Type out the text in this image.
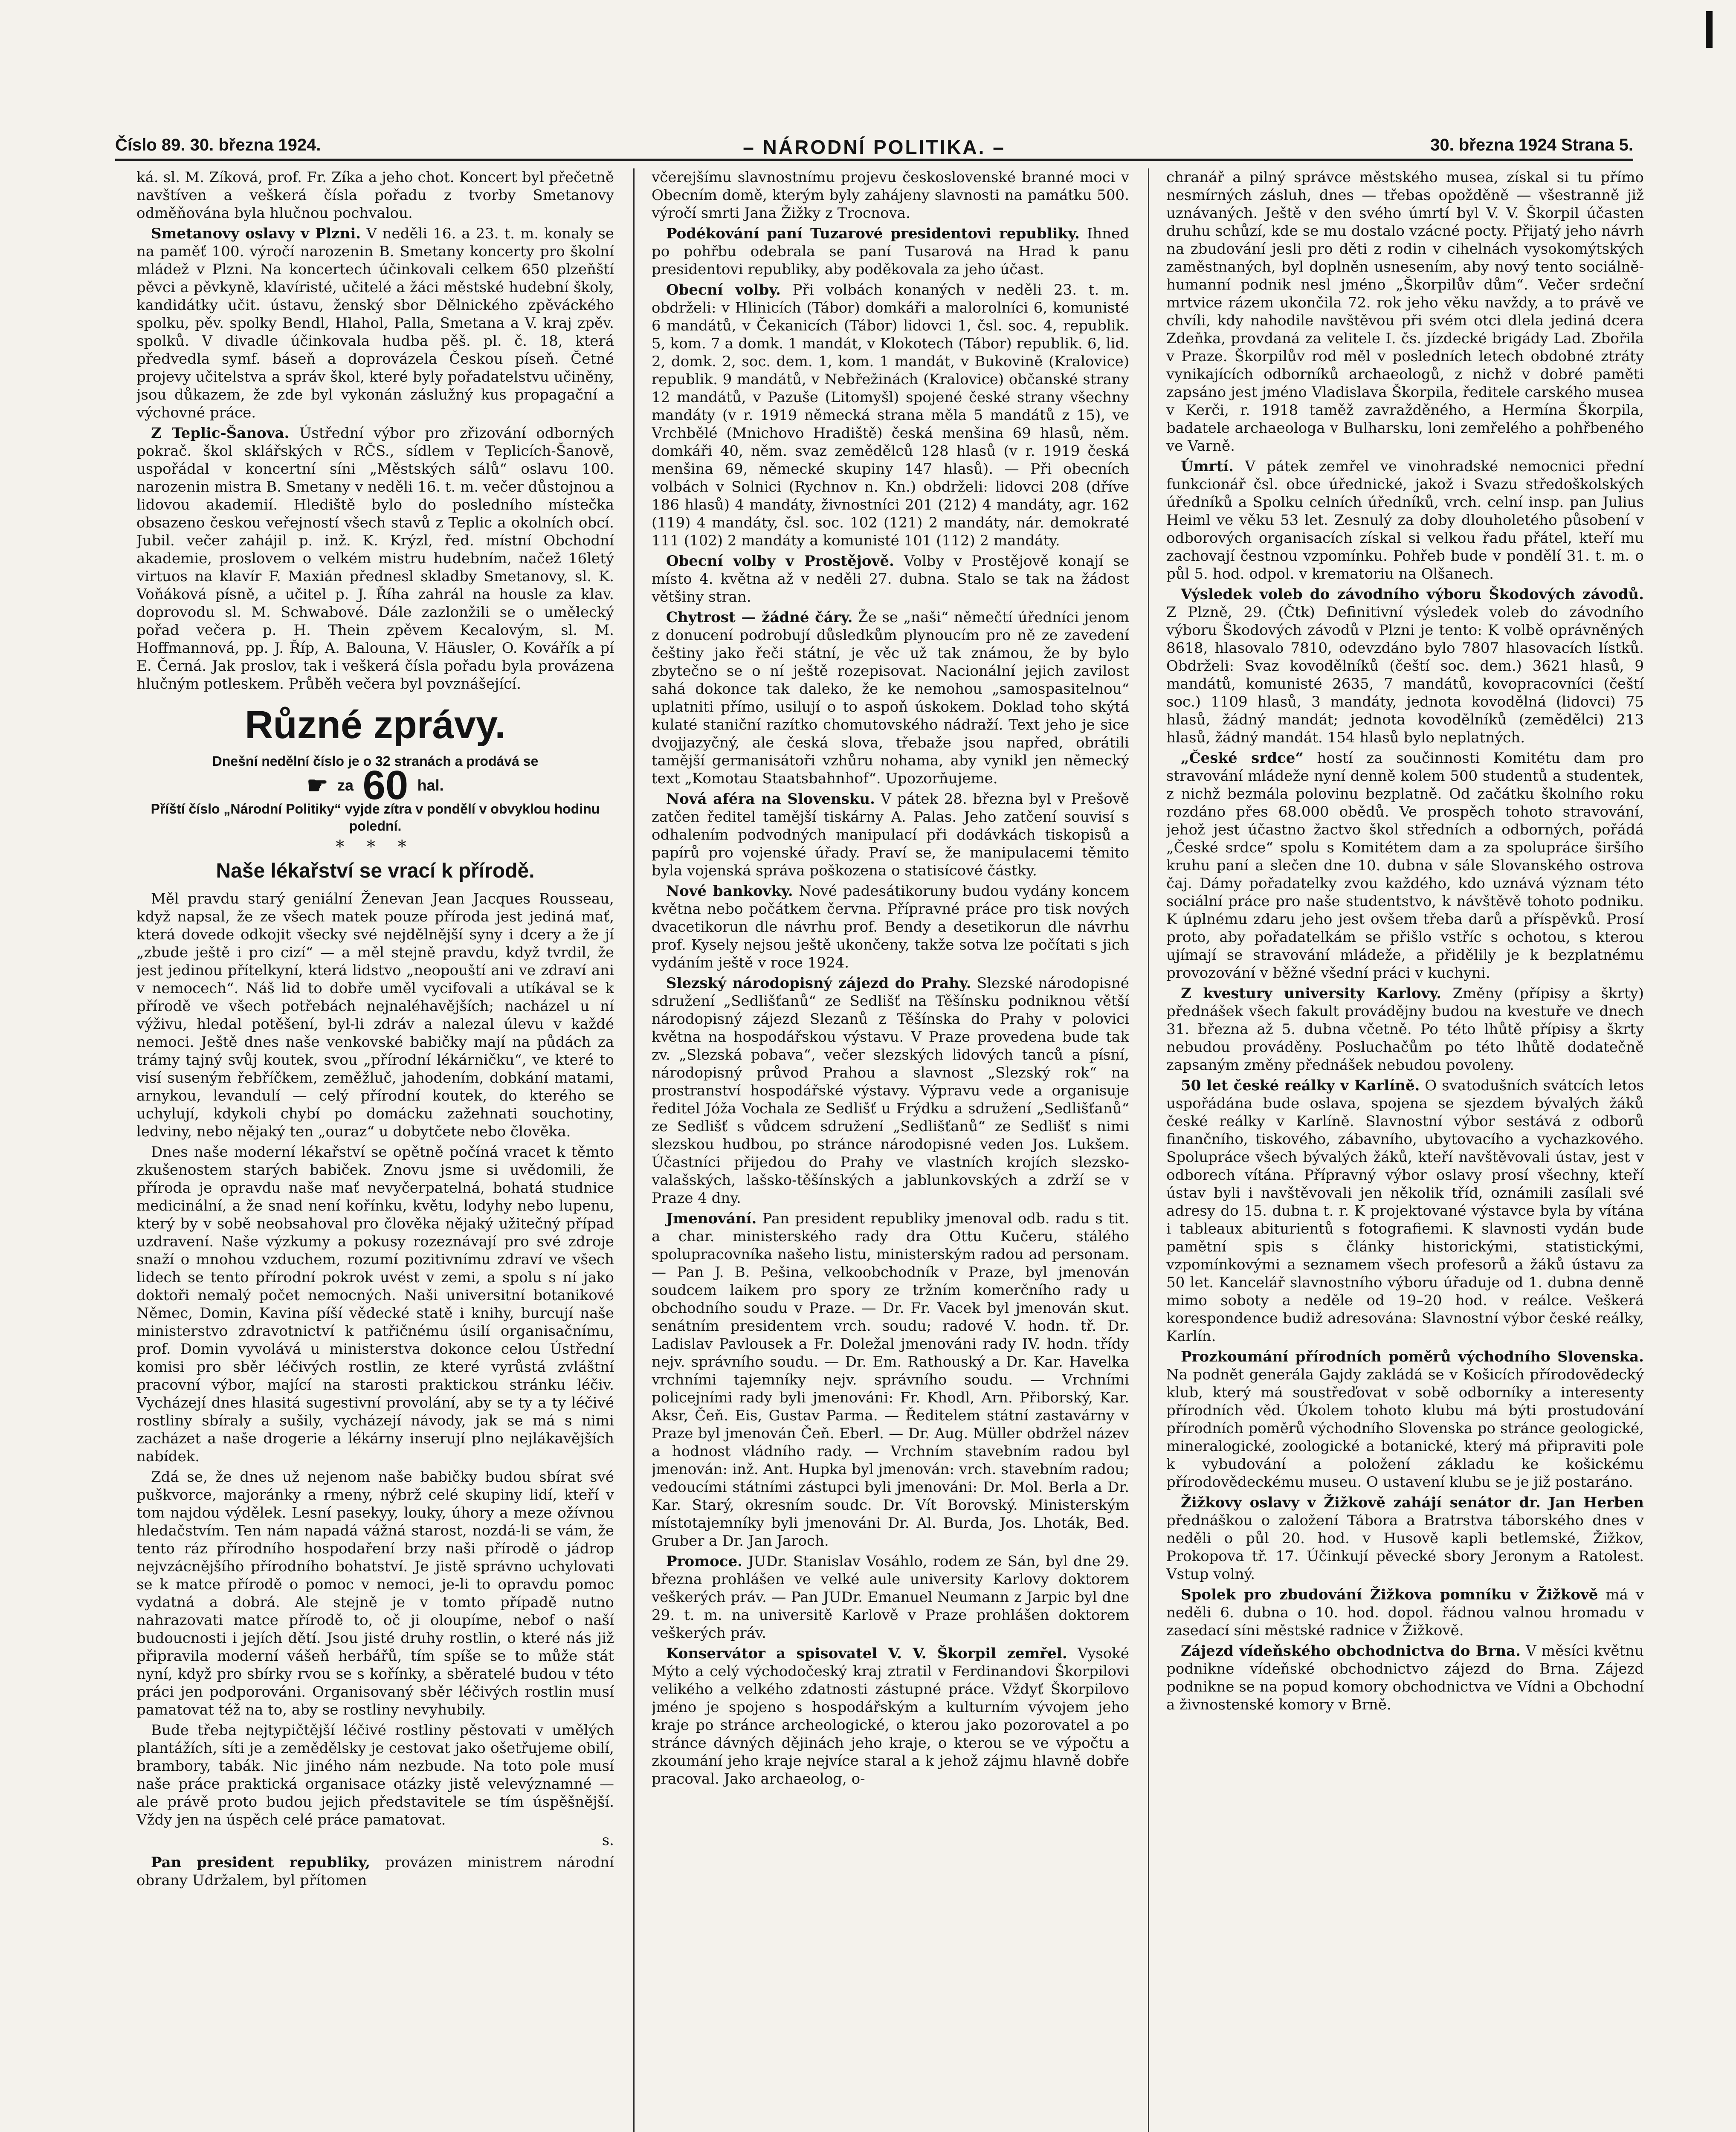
Číslo 89. 30. března 1924.	– NÁRODNÍ POLITIKA. –	30. března 1924 Strana 5.

ká. sl. M. Zíková, prof. Fr. Zíka a jeho chot. Koncert byl přečetně navštíven a veškerá čísla pořadu z tvorby Smetanovy odměňována byla hlučnou pochvalou.

Smetanovy oslavy v Plzni. V neděli 16. a 23. t. m. konaly se na paměť 100. výročí narozenin B. Smetany koncerty pro školní mládež v Plzni. Na koncertech účinkovali celkem 650 plzeňští pěvci a pěvkyně, klavíristé, učitelé a žáci městské hudební školy, kandidátky učit. ústavu, ženský sbor Dělnického zpěváckého spolku, pěv. spolky Bendl, Hlahol, Palla, Smetana a V. kraj zpěv. spolků. V divadle účinkovala hudba pěš. pl. č. 18, která předvedla symf. báseň a doprovázela Českou píseň. Četné projevy učitelstva a správ škol, které byly pořadatelstvu učiněny, jsou důkazem, že zde byl vykonán záslužný kus propagační a výchovné práce.

Z Teplic-Šanova. Ústřední výbor pro zřizování odborných pokrač. škol sklářských v RČS., sídlem v Teplicích-Šanově, uspořádal v koncertní síni „Městských sálů“ oslavu 100. narozenin mistra B. Smetany v neděli 16. t. m. večer důstojnou a lidovou akademií. Hlediště bylo do posledního místečka obsazeno českou veřejností všech stavů z Teplic a okolních obcí. Jubil. večer zahájil p. inž. K. Krýzl, řed. místní Obchodní akademie, proslovem o velkém mistru hudebním, načež 16letý virtuos na klavír F. Maxián přednesl skladby Smetanovy, sl. K. Voňáková písně, a učitel p. J. Říha zahrál na housle za klav. doprovodu sl. M. Schwabové. Dále zazlonžili se o umělecký pořad večera p. H. Thein zpěvem Kecalovým, sl. M. Hoffmannová, pp. J. Říp, A. Balouna, V. Häusler, O. Kovářík a pí E. Černá. Jak proslov, tak i veškerá čísla pořadu byla provázena hlučným potleskem. Průběh večera byl povznášející.

Různé zprávy.
Dnešní nedělní číslo je o 32 stranách a prodává se
☛ za 60 hal.
Příští číslo „Národní Politiky“ vyjde zítra v pondělí v obvyklou hodinu polední.
* * *
Naše lékařství se vrací k přírodě.

Měl pravdu starý geniální Ženevan Jean Jacques Rousseau, když napsal, že ze všech matek pouze příroda jest jediná mať, která dovede odkojit všecky své nejdělnější syny i dcery a že jí „zbude ještě i pro cizí“ — a měl stejně pravdu, když tvrdil, že jest jedinou přítelkyní, která lidstvo „neopouští ani ve zdraví ani v nemocech“. Náš lid to dobře uměl vycifovali a utíkával se k přírodě ve všech potřebách nejnaléhavějších; nacházel u ní výživu, hledal potěšení, byl-li zdráv a nalezal úlevu v každé nemoci. Ještě dnes naše venkovské babičky mají na půdách za trámy tajný svůj koutek, svou „přírodní lékárničku“, ve které to visí suseným řebříčkem, zeměžluč, jahodením, dobkání matami, arnykou, levandulí — celý přírodní koutek, do kterého se uchylují, kdykoli chybí po domácku zažehnati souchotiny, ledviny, nebo nějaký ten „ouraz“ u dobytčete nebo člověka.

Dnes naše moderní lékařství se opětně počíná vracet k těmto zkušenostem starých babiček. Znovu jsme si uvědomili, že příroda je opravdu naše mať nevyčerpatelná, bohatá studnice medicinální, a že snad není kořínku, květu, lodyhy nebo lupenu, který by v sobě neobsahoval pro člověka nějaký užitečný případ uzdravení. Naše výzkumy a pokusy rozeznávají pro své zdroje snaží o mnohou vzduchem, rozumí pozitivnímu zdraví ve všech lidech se tento přírodní pokrok uvést v zemi, a spolu s ní jako doktoři nemalý počet nemocných. Naši universitní botanikové Němec, Domin, Kavina píší vědecké statě i knihy, burcují naše ministerstvo zdravotnictví k patřičnému úsilí organisačnímu, prof. Domin vyvolává u ministerstva dokonce celou Ústřední komisi pro sběr léčivých rostlin, ze které vyrůstá zvláštní pracovní výbor, mající na starosti praktickou stránku léčiv. Vycházejí dnes hlasitá sugestivní provolání, aby se ty a ty léčivé rostliny sbíraly a sušily, vycházejí návody, jak se má s nimi zacházet a naše drogerie a lékárny inserují plno nejlákavějších nabídek.

Zdá se, že dnes už nejenom naše babičky budou sbírat své puškvorce, majoránky a rmeny, nýbrž celé skupiny lidí, kteří v tom najdou výdělek. Lesní pasekyy, louky, úhory a meze ožívnou hledačstvím. Ten nám napadá vážná starost, nozdá-li se vám, že tento ráz přírodního hospodaření brzy naši přírodě o jádrop nejvzácnějšího přírodního bohatství. Je jistě správno uchylovati se k matce přírodě o pomoc v nemoci, je-li to opravdu pomoc vydatná a dobrá. Ale stejně je v tomto případě nutno nahrazovati matce přírodě to, oč ji oloupíme, nebof o naší budoucnosti i jejích dětí. Jsou jisté druhy rostlin, o které nás již připravila moderní vášeň herbářů, tím spíše se to může stát nyní, když pro sbírky rvou se s kořínky, a sběratelé budou v této práci jen podporováni. Organisovaný sběr léčivých rostlin musí pamatovat též na to, aby se rostliny nevyhubily.

Bude třeba nejtypičtější léčivé rostliny pěstovati v umělých plantážích, síti je a zemědělsky je cestovat jako ošetřujeme obilí, brambory, tabák. Nic jiného nám nezbude. Na toto pole musí naše práce praktická organisace otázky jistě velevýznamné — ale právě proto budou jejich představitele se tím úspěšnější. Vždy jen na úspěch celé práce pamatovat.

s.

Pan president republiky, provázen ministrem národní obrany Udržalem, byl přítomen

včerejšímu slavnostnímu projevu československé branné moci v Obecním domě, kterým byly zahájeny slavnosti na památku 500. výročí smrti Jana Žižky z Trocnova.

Podékování paní Tuzarové presidentovi republiky. Ihned po pohřbu odebrala se paní Tusarová na Hrad k panu presidentovi republiky, aby poděkovala za jeho účast.

Obecní volby. Při volbách konaných v neděli 23. t. m. obdrželi: v Hlinicích (Tábor) domkáři a malorolníci 6, komunisté 6 mandátů, v Čekanicích (Tábor) lidovci 1, čsl. soc. 4, republik. 5, kom. 7 a domk. 1 mandát, v Klokotech (Tábor) republik. 6, lid. 2, domk. 2, soc. dem. 1, kom. 1 mandát, v Bukovině (Kralovice) republik. 9 mandátů, v Nebřežinách (Kralovice) občanské strany 12 mandátů, v Pazuše (Litomyšl) spojené české strany všechny mandáty (v r. 1919 německá strana měla 5 mandátů z 15), ve Vrchbělé (Mnichovo Hradiště) česká menšina 69 hlasů, něm. domkáři 40, něm. svaz zemědělců 128 hlasů (v r. 1919 česká menšina 69, německé skupiny 147 hlasů). — Při obecních volbách v Solnici (Rychnov n. Kn.) obdrželi: lidovci 208 (dříve 186 hlasů) 4 mandáty, živnostníci 201 (212) 4 mandáty, agr. 162 (119) 4 mandáty, čsl. soc. 102 (121) 2 mandáty, nár. demokraté 111 (102) 2 mandáty a komunisté 101 (112) 2 mandáty.

Obecní volby v Prostějově. Volby v Prostějově konají se místo 4. května až v neděli 27. dubna. Stalo se tak na žádost většiny stran.

Chytrost — žádné čáry. Že se „naši“ němečtí úředníci jenom z donucení podrobují důsledkům plynoucím pro ně ze zavedení češtiny jako řeči státní, je věc už tak známou, že by bylo zbytečno se o ní ještě rozepisovat. Nacionální jejich zavilost sahá dokonce tak daleko, že ke nemohou „samospasitelnou“ uplatniti přímo, usilují o to aspoň úskokem. Doklad toho skýtá kulaté staniční razítko chomutovského nádraží. Text jeho je sice dvojjazyčný, ale česká slova, třebaže jsou napřed, obrátili tamější germanisátoři vzhůru nohama, aby vynikl jen německý text „Komotau Staatsbahnhof“. Upozorňujeme.

Nová aféra na Slovensku. V pátek 28. března byl v Prešově zatčen ředitel tamější tiskárny A. Palas. Jeho zatčení souvisí s odhalením podvodných manipulací při dodávkách tiskopisů a papírů pro vojenské úřady. Praví se, že manipulacemi těmito byla vojenská správa poškozena o statisícové částky.

Nové bankovky. Nové padesátikoruny budou vydány koncem května nebo počátkem června. Přípravné práce pro tisk nových dvacetikorun dle návrhu prof. Bendy a desetikorun dle návrhu prof. Kysely nejsou ještě ukončeny, takže sotva lze počítati s jich vydáním ještě v roce 1924.

Slezský národopisný zájezd do Prahy. Slezské národopisné sdružení „Sedlišťanů“ ze Sedlišť na Těšínsku podniknou větší národopisný zájezd Slezanů z Těšínska do Prahy v polovici května na hospodářskou výstavu. V Praze provedena bude tak zv. „Slezská pobava“, večer slezských lidových tanců a písní, národopisný průvod Prahou a slavnost „Slezský rok“ na prostranství hospodářské výstavy. Výpravu vede a organisuje ředitel Jóža Vochala ze Sedlišť u Frýdku a sdružení „Sedlišťanů“ ze Sedlišť s vůdcem sdružení „Sedlišťanů“ ze Sedlišť s nimi slezskou hudbou, po stránce národopisné veden Jos. Lukšem. Účastníci přijedou do Prahy ve vlastních krojích slezsko-valašských, lašsko-těšínských a jablunkovských a zdrží se v Praze 4 dny.

Jmenování. Pan president republiky jmenoval odb. radu s tit. a char. ministerského rady dra Ottu Kučeru, stálého spolupracovníka našeho listu, ministerským radou ad personam. — Pan J. B. Pešina, velkoobchodník v Praze, byl jmenován soudcem laikem pro spory ze tržním komerčního rady u obchodního soudu v Praze. — Dr. Fr. Vacek byl jmenován skut. senátním presidentem vrch. soudu; radové V. hodn. tř. Dr. Ladislav Pavlousek a Fr. Doležal jmenováni rady IV. hodn. třídy nejv. správního soudu. — Dr. Em. Rathouský a Dr. Kar. Havelka vrchními tajemníky nejv. správního soudu. — Vrchními policejními rady byli jmenováni: Fr. Khodl, Arn. Přiborský, Kar. Aksr, Čeň. Eis, Gustav Parma. — Ředitelem státní zastavárny v Praze byl jmenován Čeň. Eberl. — Dr. Aug. Müller obdržel název a hodnost vládního rady. — Vrchním stavebním radou byl jmenován: inž. Ant. Hupka byl jmenován: vrch. stavebním radou; vedoucími státními zástupci byli jmenováni: Dr. Mol. Berla a Dr. Kar. Starý, okresním soudc. Dr. Vít Borovský. Ministerským místotajemníky byli jmenováni Dr. Al. Burda, Jos. Lhoták, Bed. Gruber a Dr. Jan Jaroch.

Promoce. JUDr. Stanislav Vosáhlo, rodem ze Sán, byl dne 29. března prohlášen ve velké aule university Karlovy doktorem veškerých práv. — Pan JUDr. Emanuel Neumann z Jarpic byl dne 29. t. m. na universitě Karlově v Praze prohlášen doktorem veškerých práv.

Konservátor a spisovatel V. V. Škorpil zemřel. Vysoké Mýto a celý východočeský kraj ztratil v Ferdinandovi Škorpilovi velikého a velkého zdatnosti zástupné práce. Vždyť Škorpilovo jméno je spojeno s hospodářským a kulturním vývojem jeho kraje po stránce archeologické, o kterou jako pozorovatel a po stránce dávných dějinách jeho kraje, o kterou se ve výpočtu a zkoumání jeho kraje nejvíce staral a k jehož zájmu hlavně dobře pracoval. Jako archaeolog, o-

chranář a pilný správce městského musea, získal si tu přímo nesmírných zásluh, dnes — třebas opožděně — všestranně již uznávaných. Ještě v den svého úmrtí byl V. V. Škorpil účasten druhu schůzí, kde se mu dostalo vzácné pocty. Přijatý jeho návrh na zbudování jesli pro děti z rodin v cihelnách vysokomýtských zaměstnaných, byl doplněn usnesením, aby nový tento sociálně-humanní podnik nesl jméno „Škorpilův dům“. Večer srdeční mrtvice rázem ukončila 72. rok jeho věku navždy, a to právě ve chvíli, kdy nahodile navštěvou při svém otci dlela jediná dcera Zdeňka, provdaná za velitele I. čs. jízdecké brigády Lad. Zbořila v Praze. Škorpilův rod měl v posledních letech obdobné ztráty vynikajících odborníků archaeologů, z nichž v dobré paměti zapsáno jest jméno Vladislava Škorpila, ředitele carského musea v Kerči, r. 1918 taměž zavražděného, a Hermína Škorpila, badatele archaeologa v Bulharsku, loni zemřelého a pohřbeného ve Varně.

Úmrtí. V pátek zemřel ve vinohradské nemocnici přední funkcionář čsl. obce úřednické, jakož i Svazu středoškolských úředníků a Spolku celních úředníků, vrch. celní insp. pan Julius Heiml ve věku 53 let. Zesnulý za doby dlouholetého působení v odborových organisacích získal si velkou řadu přátel, kteří mu zachovají čestnou vzpomínku. Pohřeb bude v pondělí 31. t. m. o půl 5. hod. odpol. v krematoriu na Olšanech.

Výsledek voleb do závodního výboru Škodových závodů. Z Plzně, 29. (Čtk) Definitivní výsledek voleb do závodního výboru Škodových závodů v Plzni je tento: K volbě oprávněných 8618, hlasovalo 7810, odevzdáno bylo 7807 hlasovacích lístků. Obdrželi: Svaz kovodělníků (čeští soc. dem.) 3621 hlasů, 9 mandátů, komunisté 2635, 7 mandátů, kovopracovníci (čeští soc.) 1109 hlasů, 3 mandáty, jednota kovodělná (lidovci) 75 hlasů, žádný mandát; jednota kovodělníků (zemědělci) 213 hlasů, žádný mandát. 154 hlasů bylo neplatných.

„České srdce“ hostí za součinnosti Komitétu dam pro stravování mládeže nyní denně kolem 500 studentů a studentek, z nichž bezmála polovinu bezplatně. Od začátku školního roku rozdáno přes 68.000 obědů. Ve prospěch tohoto stravování, jehož jest účastno žactvo škol středních a odborných, pořádá „České srdce“ spolu s Komitétem dam a za spolupráce širšího kruhu paní a slečen dne 10. dubna v sále Slovanského ostrova čaj. Dámy pořadatelky zvou každého, kdo uznává význam této sociální práce pro naše studentstvo, k návštěvě tohoto podniku. K úplnému zdaru jeho jest ovšem třeba darů a příspěvků. Prosí proto, aby pořadatelkám se přišlo vstříc s ochotou, s kterou ujímají se stravování mládeže, a přidělily je k bezplatnému provozování v běžné všední práci v kuchyni.

Z kvestury university Karlovy. Změny (přípisy a škrty) přednášek všech fakult provádějny budou na kvestuře ve dnech 31. března až 5. dubna včetně. Po této lhůtě přípisy a škrty nebudou prováděny. Posluchačům po této lhůtě dodatečně zapsaným změny přednášek nebudou povoleny.

50 let české reálky v Karlíně. O svatodušních svátcích letos uspořádána bude oslava, spojena se sjezdem bývalých žáků české reálky v Karlíně. Slavnostní výbor sestává z odborů finančního, tiskového, zábavního, ubytovacího a vychazkového. Spolupráce všech bývalých žáků, kteří navštěvovali ústav, jest v odborech vítána. Přípravný výbor oslavy prosí všechny, kteří ústav byli i navštěvovali jen několik tříd, oznámili zasílali své adresy do 15. dubna t. r. K projektované výstavce byla by vítána i tableaux abiturientů s fotografiemi. K slavnosti vydán bude pamětní spis s články historickými, statistickými, vzpomínkovými a seznamem všech profesorů a žáků ústavu za 50 let. Kancelář slavnostního výboru úřaduje od 1. dubna denně mimo soboty a neděle od 19–20 hod. v reálce. Veškerá korespondence budiž adresována: Slavnostní výbor české reálky, Karlín.

Prozkoumání přírodních poměrů východního Slovenska. Na podnět generála Gajdy zakládá se v Košicích přírodovědecký klub, který má soustřeďovat v sobě odborníky a interesenty přírodních věd. Úkolem tohoto klubu má býti prostudování přírodních poměrů východního Slovenska po stránce geologické, mineralogické, zoologické a botanické, který má připraviti pole k vybudování a položení základu ke košickému přírodovědeckému museu. O ustavení klubu se je již postaráno.

Žižkovy oslavy v Žižkově zahájí senátor dr. Jan Herben přednáškou o založení Tábora a Bratrstva táborského dnes v neděli o půl 20. hod. v Husově kapli betlemské, Žižkov, Prokopova tř. 17. Účinkují pěvecké sbory Jeronym a Ratolest. Vstup volný.

Spolek pro zbudování Žižkova pomníku v Žižkově má v neděli 6. dubna o 10. hod. dopol. řádnou valnou hromadu v zasedací síni městské radnice v Žižkově.

Zájezd vídeňského obchodnictva do Brna. V měsíci květnu podnikne vídeňské obchodnictvo zájezd do Brna. Zájezd podnikne se na popud komory obchodnictva ve Vídni a Obchodní a živnostenské komory v Brně.
